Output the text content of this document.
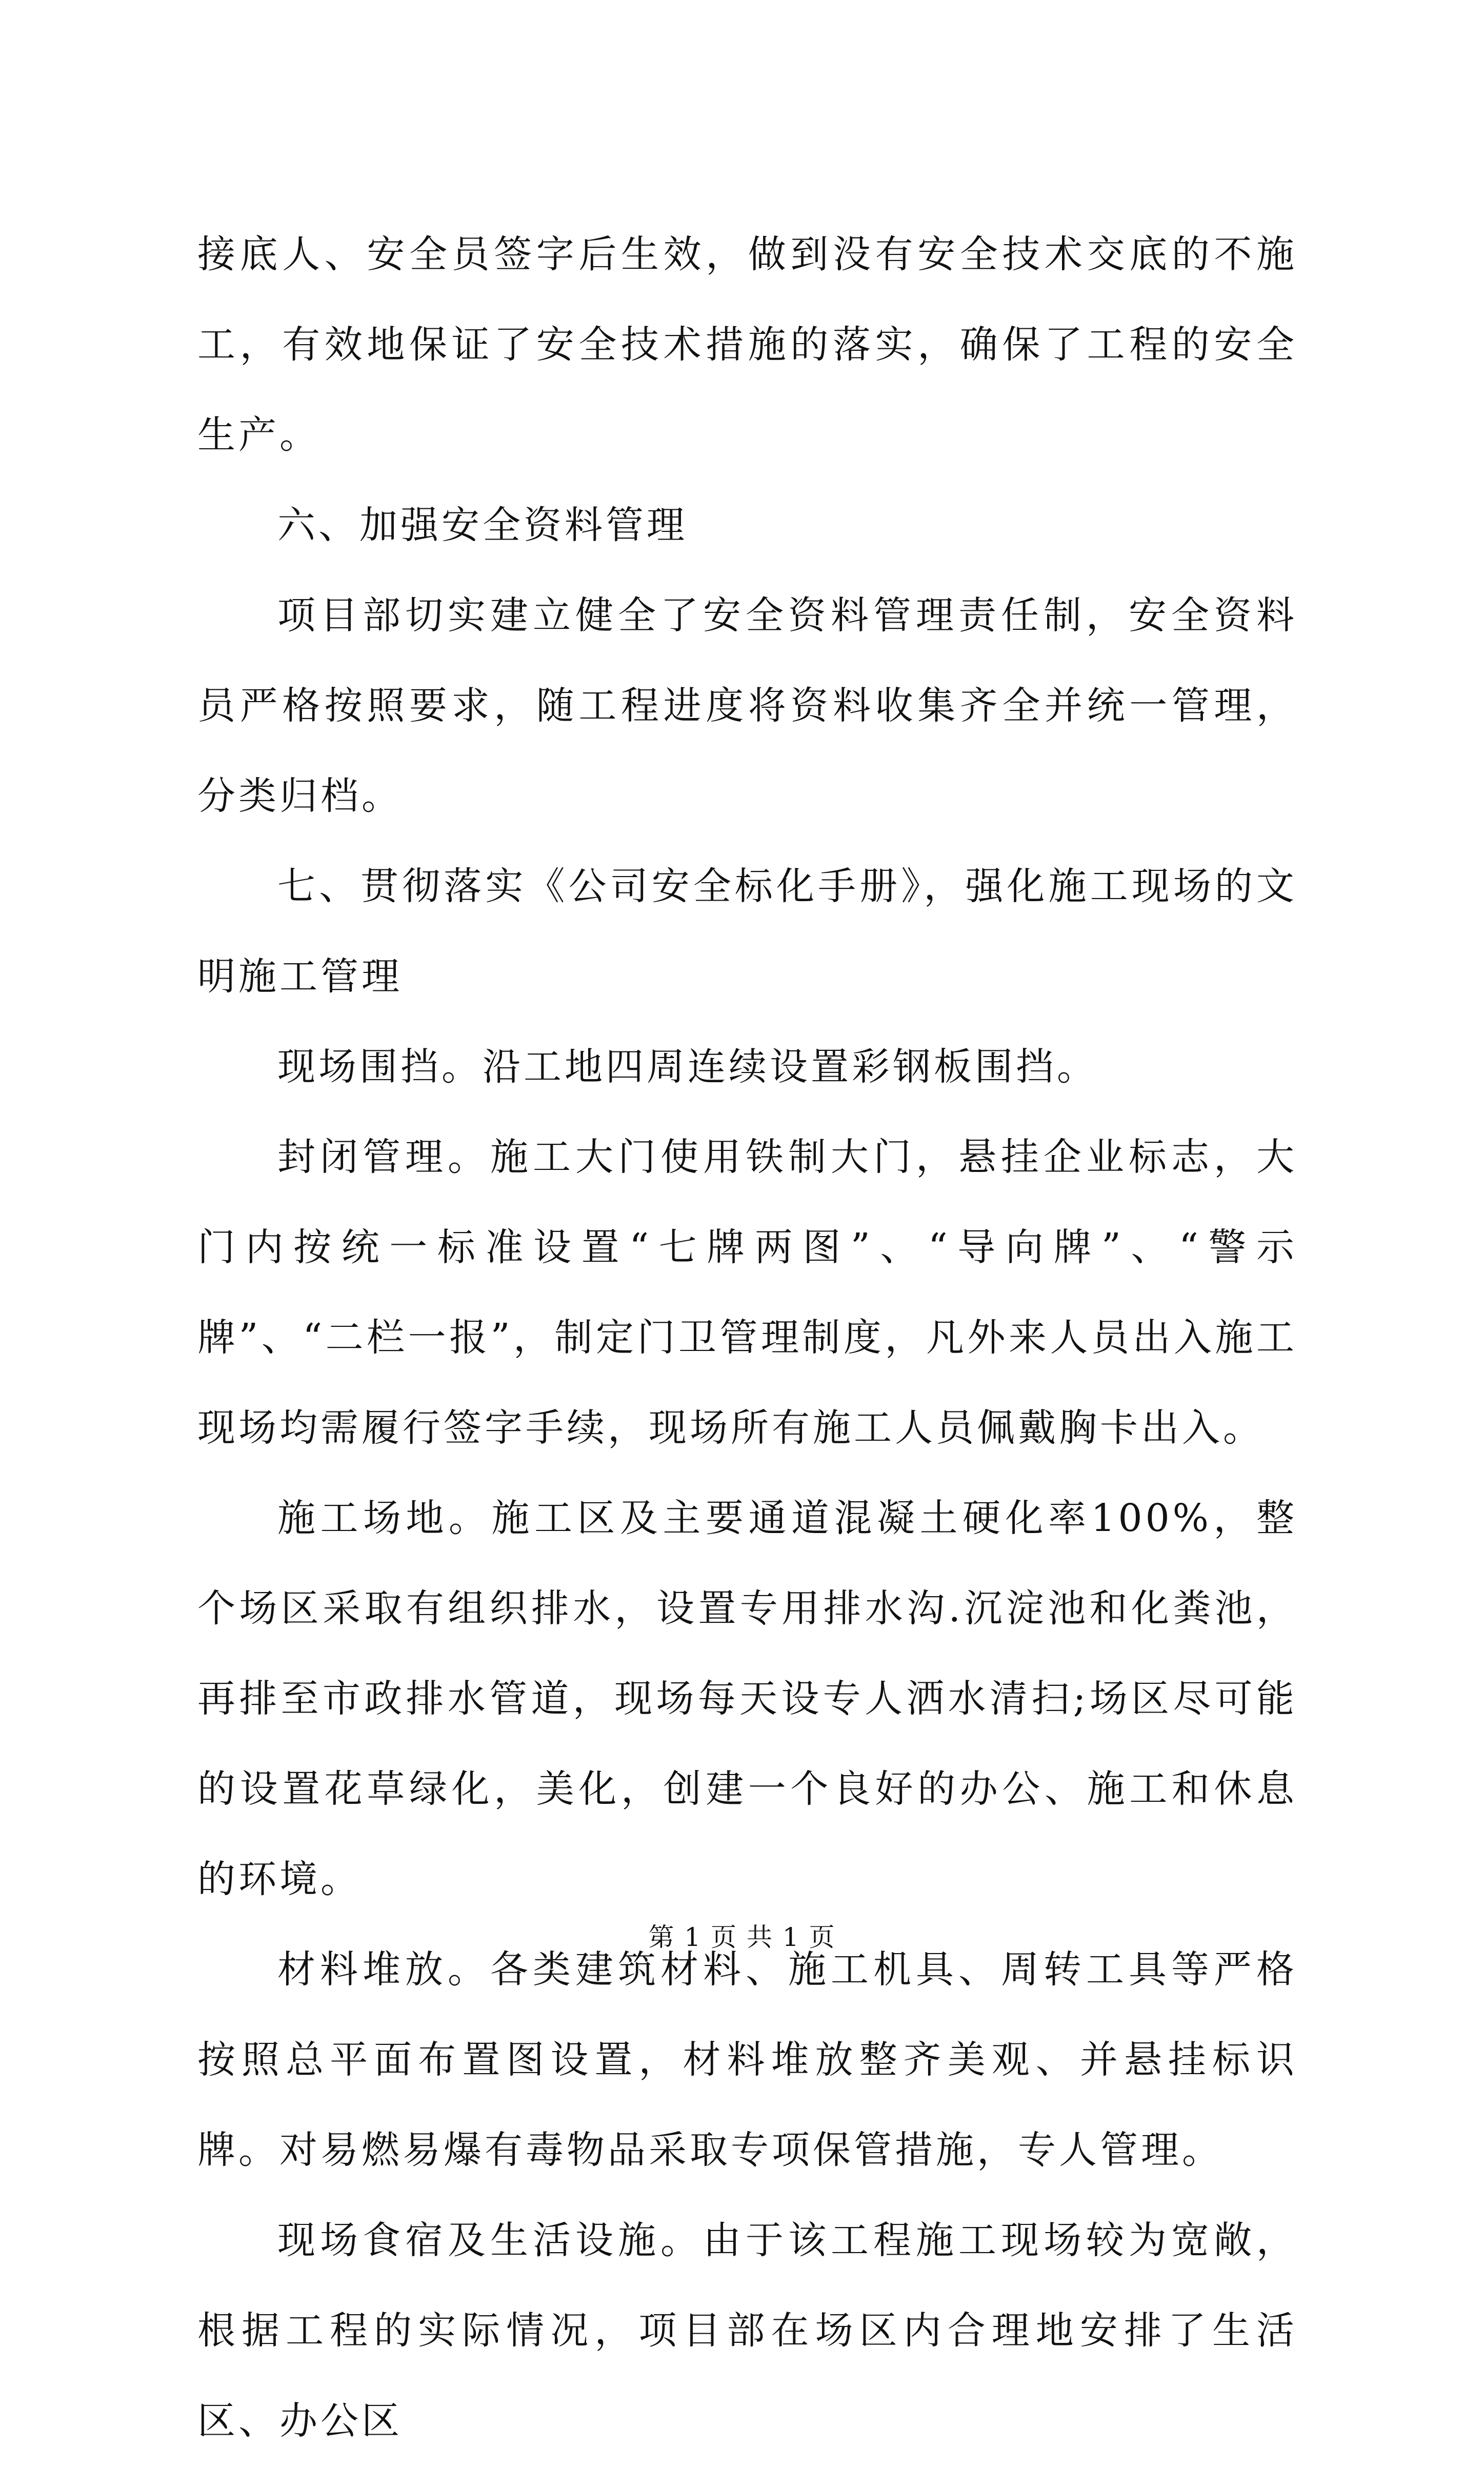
接底人、安全员签字后生效，做到没有安全技术交底的不施工，有效地保证了安全技术措施的落实，确保了工程的安全生产。

六、加强安全资料管理

项目部切实建立健全了安全资料管理责任制，安全资料员严格按照要求，随工程进度将资料收集齐全并统一管理，分类归档。

七、贯彻落实《公司安全标化手册》，强化施工现场的文明施工管理

现场围挡。沿工地四周连续设置彩钢板围挡。

封闭管理。施工大门使用铁制大门，悬挂企业标志，大门内按统一标准设置“七牌两图”、“导向牌”、“警示牌”、“二栏一报”，制定门卫管理制度，凡外来人员出入施工现场均需履行签字手续，现场所有施工人员佩戴胸卡出入。

施工场地。施工区及主要通道混凝土硬化率100%，整个场区采取有组织排水，设置专用排水沟.沉淀池和化粪池，再排至市政排水管道，现场每天设专人洒水清扫;场区尽可能的设置花草绿化，美化，创建一个良好的办公、施工和休息的环境。

材料堆放。各类建筑材料、施工机具、周转工具等严格按照总平面布置图设置，材料堆放整齐美观、并悬挂标识牌。对易燃易爆有毒物品采取专项保管措施，专人管理。

现场食宿及生活设施。由于该工程施工现场较为宽敞，根据工程的实际情况，项目部在场区内合理地安排了生活区、办公区

第 1 页 共 1 页
